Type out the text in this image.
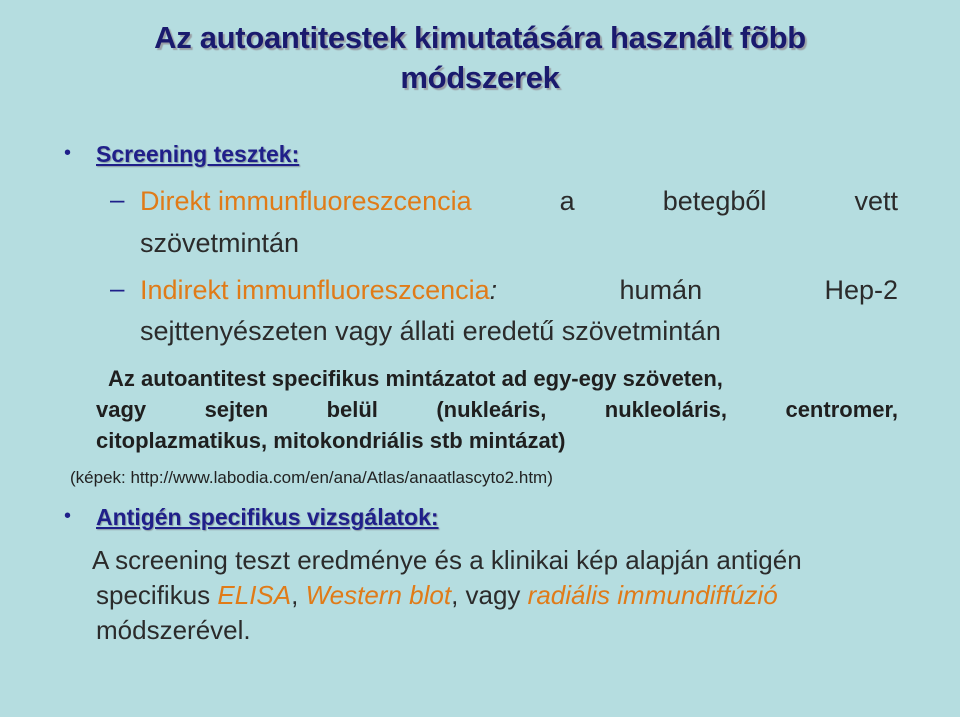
Az autoantitestek kimutatására használt fõbb
módszerek
• Screening tesztek:
– Direkt immunfluoreszcencia	a	betegből	vett
szövetmintán
– Indirekt immunfluoreszcencia:	humán	Hep-2
sejttenyészeten vagy állati eredetű szövetmintán
Az autoantitest specifikus mintázatot ad egy-egy szöveten,
vagy	sejten	belül	(nukleáris,	nukleoláris,	centromer,
citoplazmatikus, mitokondriális stb mintázat)
(képek: http://www.labodia.com/en/ana/Atlas/anaatlascyto2.htm)
• Antigén specifikus vizsgálatok:
A screening teszt eredménye és a klinikai kép alapján antigén
specifikus ELISA, Western blot, vagy radiális immundiffúzió
módszerével.
